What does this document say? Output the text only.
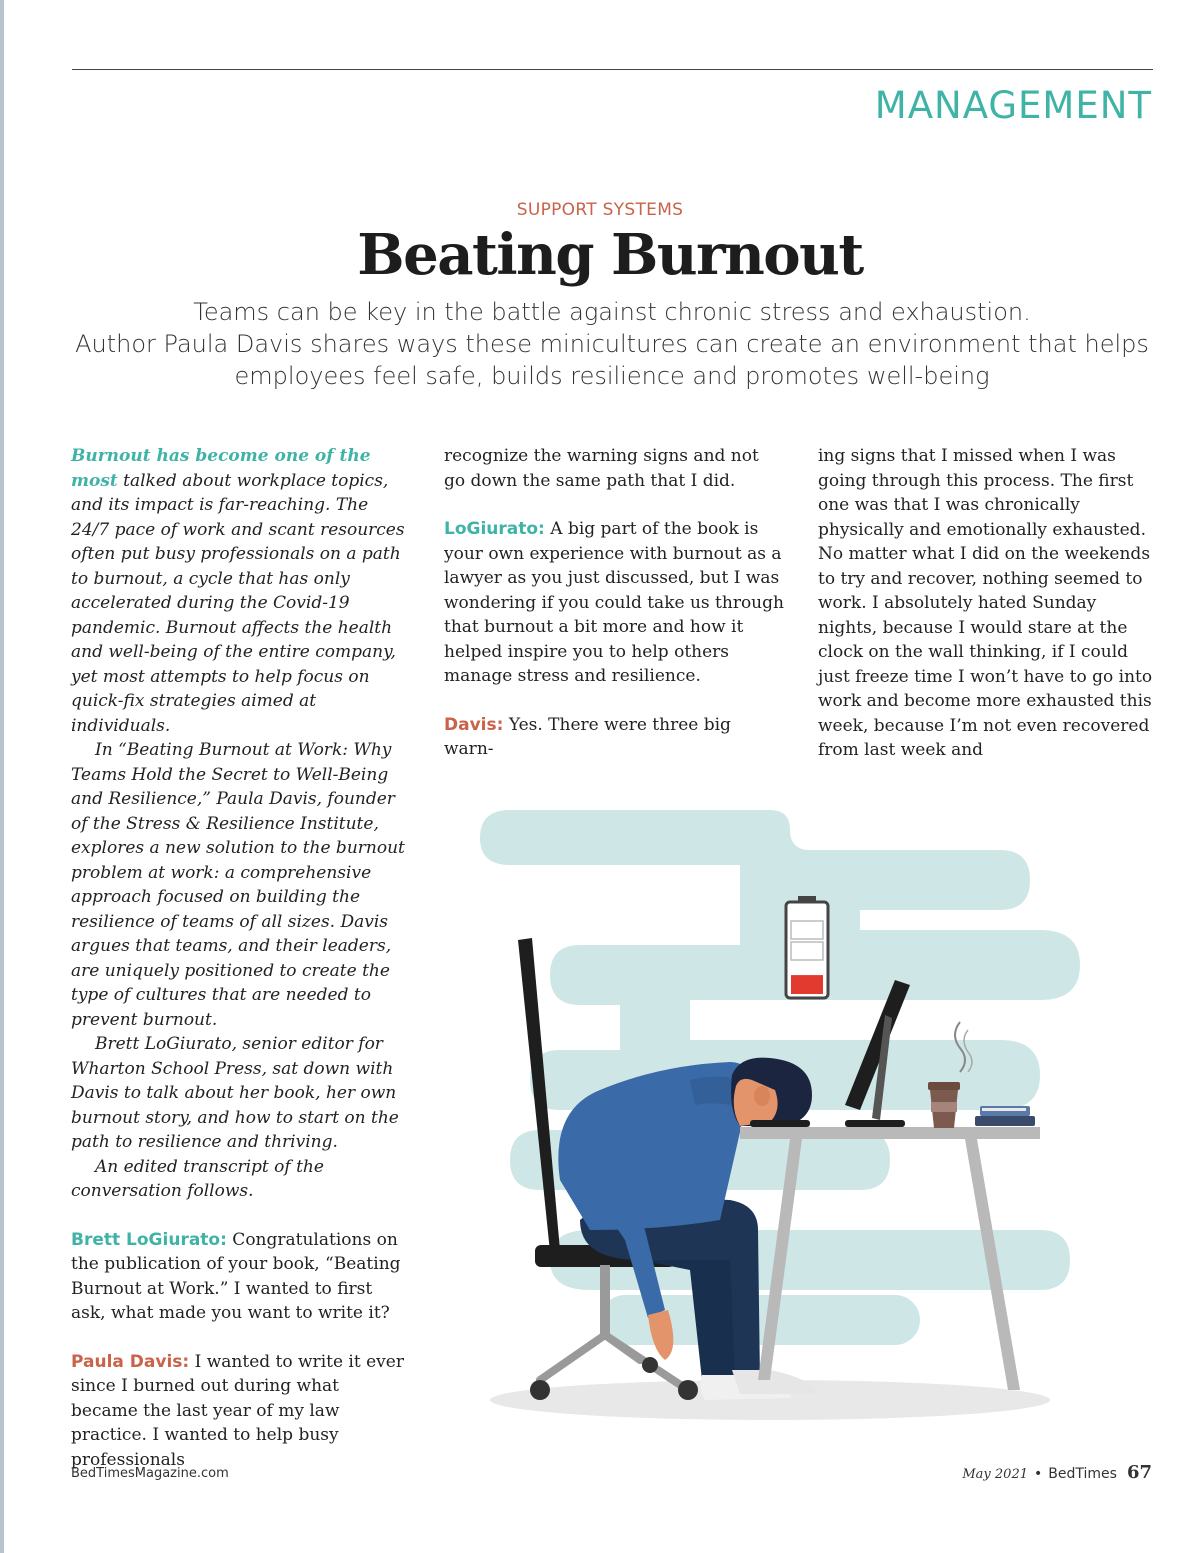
MANAGEMENT
SUPPORT SYSTEMS
Beating Burnout
Teams can be key in the battle against chronic stress and exhaustion.
Author Paula Davis shares ways these minicultures can create an environment that helps
employees feel safe, builds resilience and promotes well-being

Burnout has become one of the most talked about workplace topics, and its impact is far-reaching. The 24/7 pace of work and scant resources often put busy professionals on a path to burnout, a cycle that has only accelerated during the Covid-19 pandemic. Burnout affects the health and well-being of the entire company, yet most attempts to help focus on quick-fix strategies aimed at individuals.

In “Beating Burnout at Work: Why Teams Hold the Secret to Well-Being and Resilience,” Paula Davis, founder of the Stress & Resilience Institute, explores a new solution to the burnout problem at work: a comprehensive approach focused on building the resilience of teams of all sizes. Davis argues that teams, and their leaders, are uniquely positioned to create the type of cultures that are needed to prevent burnout.

Brett LoGiurato, senior editor for Wharton School Press, sat down with Davis to talk about her book, her own burnout story, and how to start on the path to resilience and thriving.

An edited transcript of the conversation follows.

Brett LoGiurato: Congratulations on the publication of your book, “Beating Burnout at Work.” I wanted to first ask, what made you want to write it?

Paula Davis: I wanted to write it ever since I burned out during what became the last year of my law practice. I wanted to help busy professionals

recognize the warning signs and not go down the same path that I did.

LoGiurato: A big part of the book is your own experience with burnout as a lawyer as you just discussed, but I was wondering if you could take us through that burnout a bit more and how it helped inspire you to help others manage stress and resilience.

Davis: Yes. There were three big warn-

ing signs that I missed when I was going through this process. The first one was that I was chronically physically and emotionally exhausted. No matter what I did on the weekends to try and recover, nothing seemed to work. I absolutely hated Sunday nights, because I would stare at the clock on the wall thinking, if I could just freeze time I won’t have to go into work and become more exhausted this week, because I’m not even recovered from last week and

BedTimesMagazine.com	May 2021 • BedTimes 67
